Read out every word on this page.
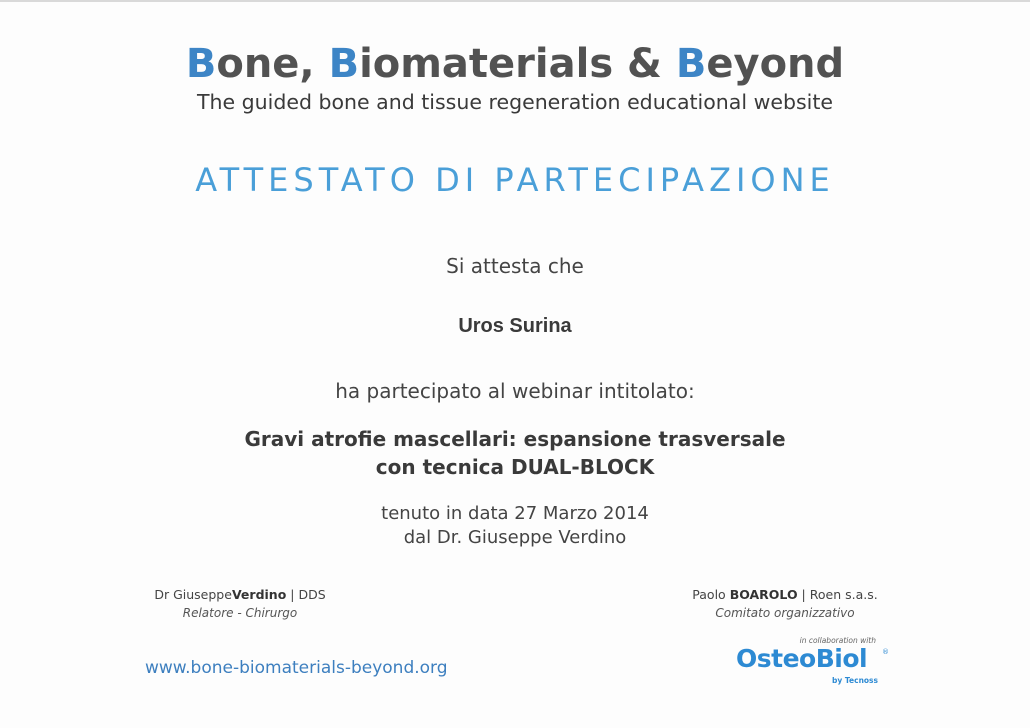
Bone, Biomaterials & Beyond
The guided bone and tissue regeneration educational website
ATTESTATO DI PARTECIPAZIONE
Si attesta che
Uros Surina
ha partecipato al webinar intitolato:
Gravi atrofie mascellari: espansione trasversale
con tecnica DUAL-BLOCK
tenuto in data 27 Marzo 2014
dal Dr. Giuseppe Verdino
Dr GiuseppeVerdino | DDS
Relatore - Chirurgo
Paolo BOAROLO | Roen s.a.s.
Comitato organizzativo
www.bone-biomaterials-beyond.org
in collaboration with
OsteoBiol ®
by Tecnoss
